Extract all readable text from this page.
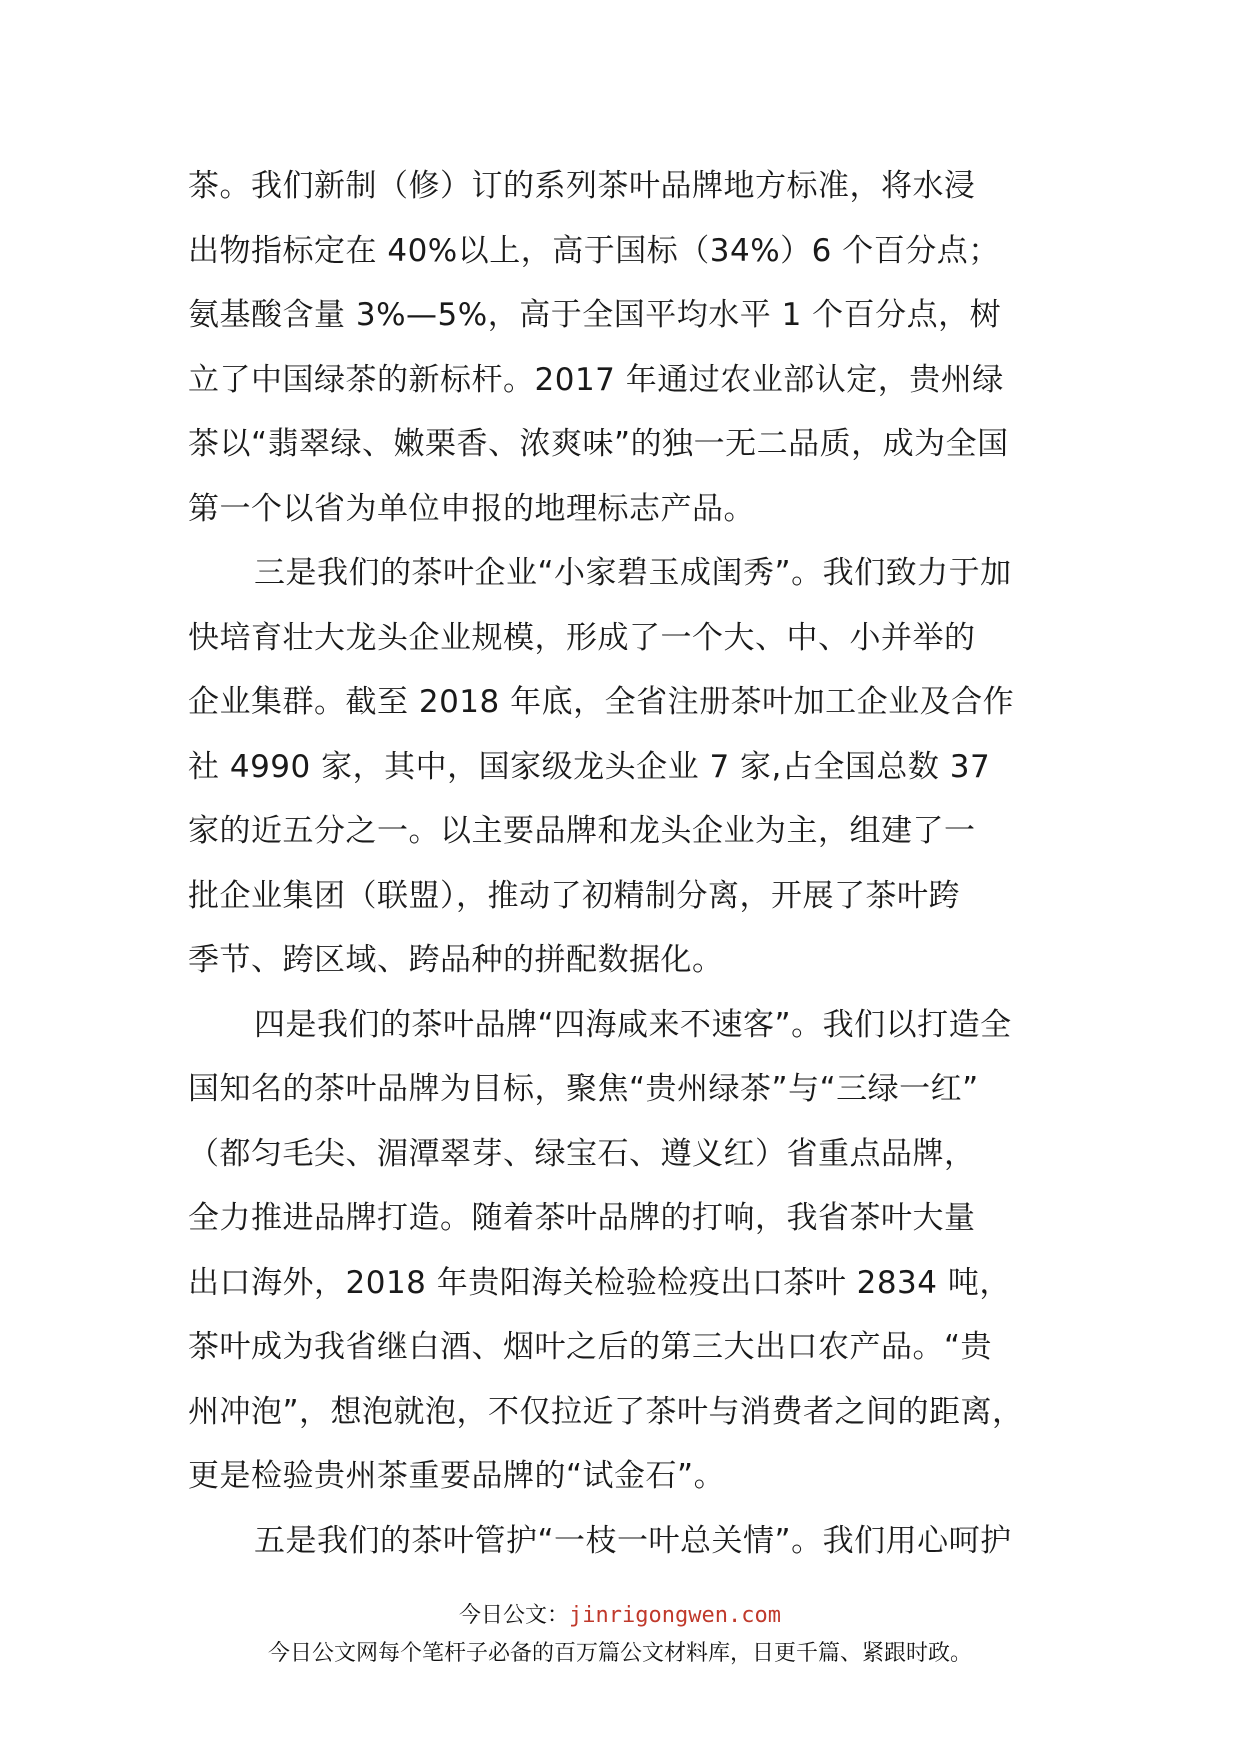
茶。我们新制（修）订的系列茶叶品牌地方标准，将水浸
出物指标定在 40%以上，高于国标（34%）6 个百分点；
氨基酸含量 3%—5%，高于全国平均水平 1 个百分点，树
立了中国绿茶的新标杆。2017 年通过农业部认定，贵州绿
茶以“翡翠绿、嫩栗香、浓爽味”的独一无二品质，成为全国
第一个以省为单位申报的地理标志产品。
三是我们的茶叶企业“小家碧玉成闺秀”。我们致力于加
快培育壮大龙头企业规模，形成了一个大、中、小并举的
企业集群。截至 2018 年底，全省注册茶叶加工企业及合作
社 4990 家，其中，国家级龙头企业 7 家,占全国总数 37
家的近五分之一。以主要品牌和龙头企业为主，组建了一
批企业集团（联盟），推动了初精制分离，开展了茶叶跨
季节、跨区域、跨品种的拼配数据化。
四是我们的茶叶品牌“四海咸来不速客”。我们以打造全
国知名的茶叶品牌为目标，聚焦“贵州绿茶”与“三绿一红”
（都匀毛尖、湄潭翠芽、绿宝石、遵义红）省重点品牌，
全力推进品牌打造。随着茶叶品牌的打响，我省茶叶大量
出口海外，2018 年贵阳海关检验检疫出口茶叶 2834 吨，
茶叶成为我省继白酒、烟叶之后的第三大出口农产品。“贵
州冲泡”，想泡就泡，不仅拉近了茶叶与消费者之间的距离，
更是检验贵州茶重要品牌的“试金石”。
五是我们的茶叶管护“一枝一叶总关情”。我们用心呵护
今日公文：jinrigongwen.com
今日公文网每个笔杆子必备的百万篇公文材料库，日更千篇、紧跟时政。
